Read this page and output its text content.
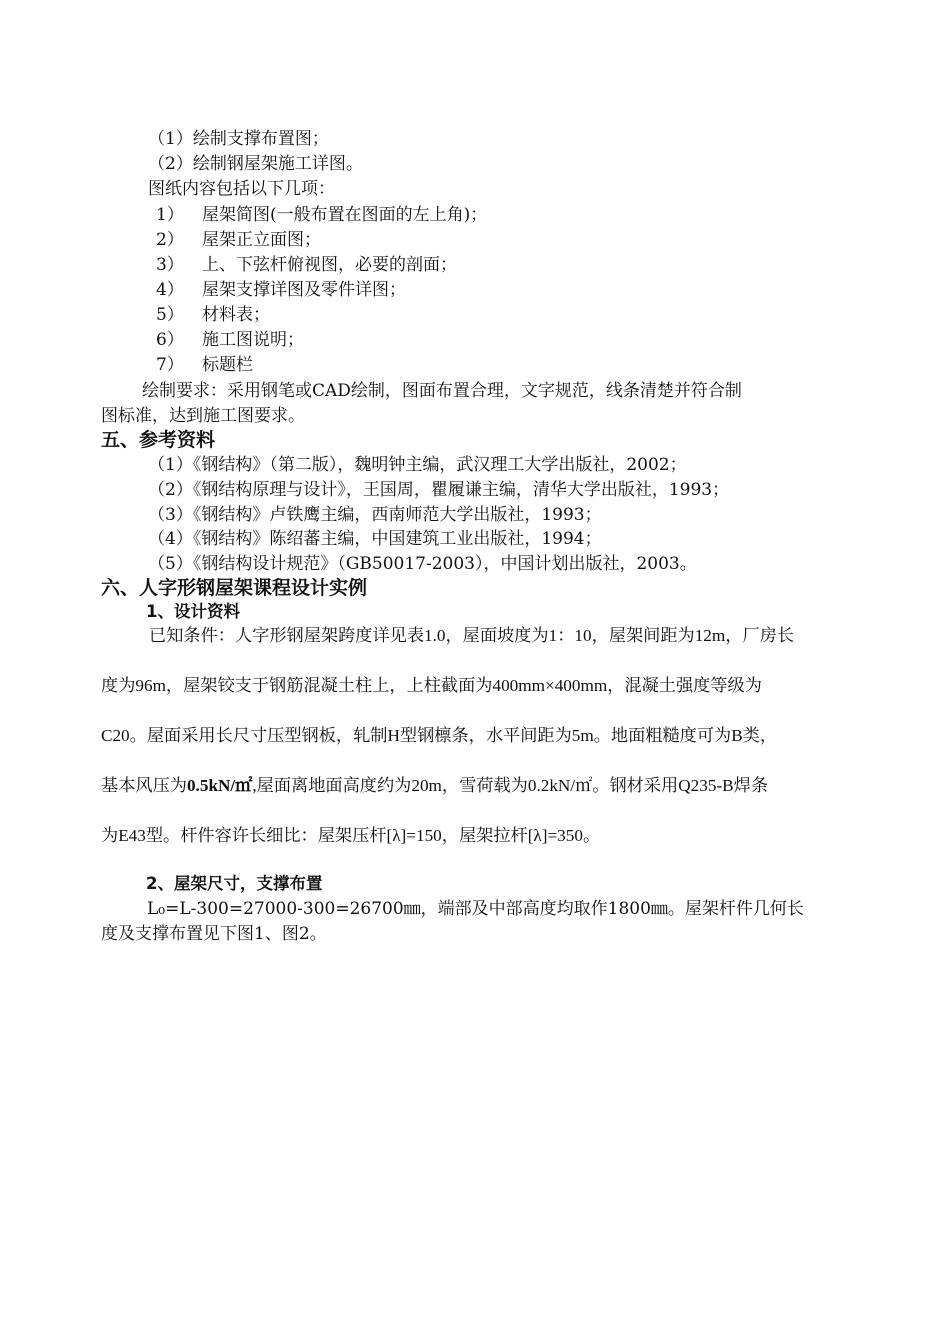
（1）绘制支撑布置图；
（2）绘制钢屋架施工详图。
图纸内容包括以下几项：
1） 屋架简图(一般布置在图面的左上角)；
2） 屋架正立面图；
3） 上、下弦杆俯视图，必要的剖面；
4） 屋架支撑详图及零件详图；
5） 材料表；
6） 施工图说明；
7） 标题栏
绘制要求：采用钢笔或CAD绘制，图面布置合理，文字规范，线条清楚并符合制
图标准，达到施工图要求。
五、参考资料
（1）《钢结构》（第二版），魏明钟主编，武汉理工大学出版社，2002；
（2）《钢结构原理与设计》，王国周，瞿履谦主编，清华大学出版社，1993；
（3）《钢结构》卢铁鹰主编，西南师范大学出版社，1993；
（4）《钢结构》陈绍蕃主编，中国建筑工业出版社，1994；
（5）《钢结构设计规范》（GB50017-2003），中国计划出版社，2003。
六、人字形钢屋架课程设计实例
1、设计资料
已知条件：人字形钢屋架跨度详见表1.0，屋面坡度为1：10，屋架间距为12m，厂房长
度为96m，屋架铰支于钢筋混凝土柱上，上柱截面为400mm×400mm，混凝土强度等级为
C20。屋面采用长尺寸压型钢板，轧制H型钢檩条，水平间距为5m。地面粗糙度可为B类，
基本风压为0.5kN/㎡,屋面离地面高度约为20m，雪荷载为0.2kN/㎡。钢材采用Q235-B焊条
为E43型。杆件容许长细比：屋架压杆[λ]=150，屋架拉杆[λ]=350。
2、屋架尺寸，支撑布置
L₀=L-300=27000-300=26700㎜，端部及中部高度均取作1800㎜。屋架杆件几何长
度及支撑布置见下图1、图2。
